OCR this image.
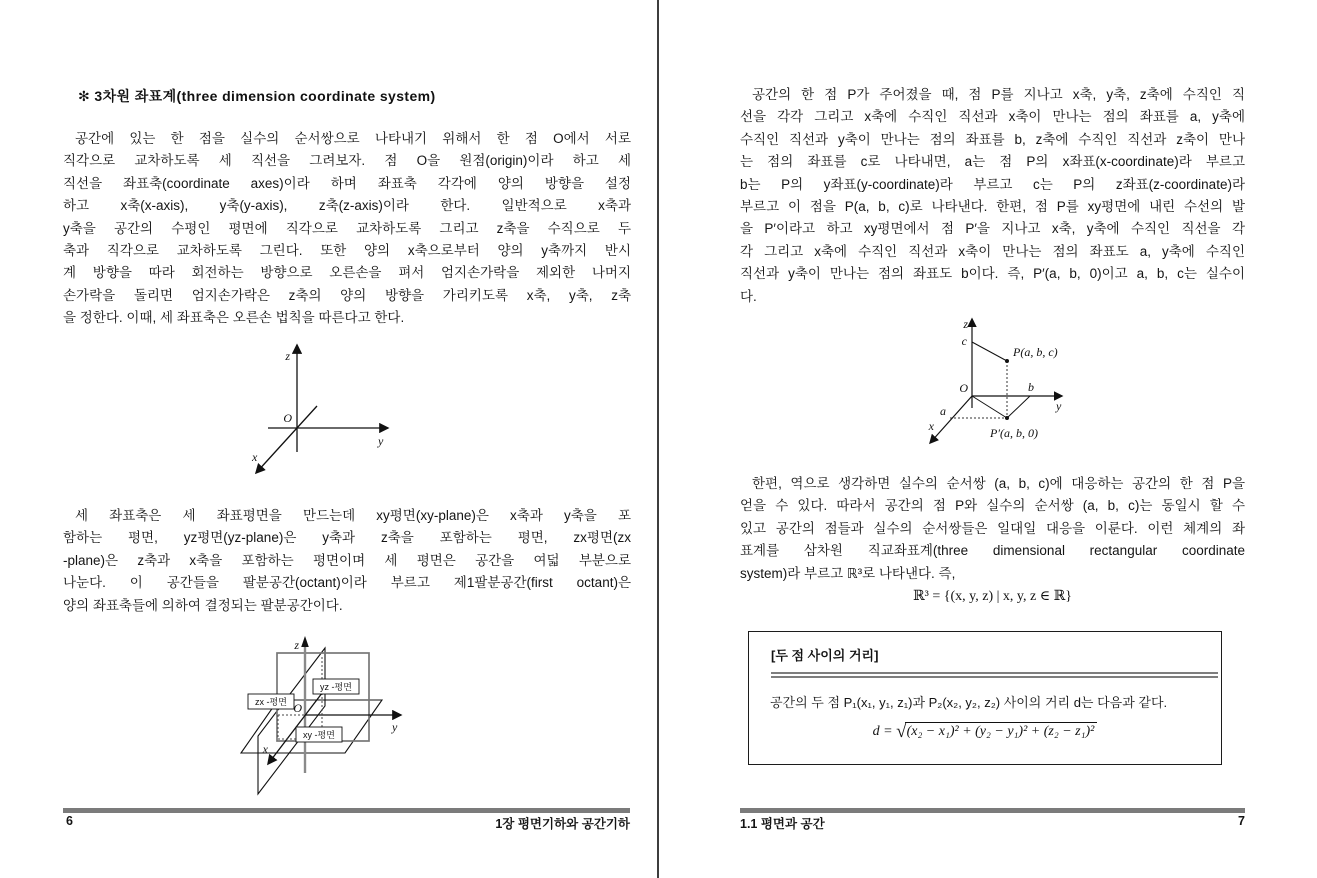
✻ 3차원 좌표계(three dimension coordinate system)
공간에 있는 한 점을 실수의 순서쌍으로 나타내기 위해서 한 점 O에서 서로
직각으로 교차하도록 세 직선을 그려보자. 점 O을 원점(origin)이라 하고 세
직선을 좌표축(coordinate axes)이라 하며 좌표축 각각에 양의 방향을 설정
하고 x축(x-axis), y축(y-axis), z축(z-axis)이라 한다. 일반적으로 x축과
y축을 공간의 수평인 평면에 직각으로 교차하도록 그리고 z축을 수직으로 두
축과 직각으로 교차하도록 그린다. 또한 양의 x축으로부터 양의 y축까지 반시
계 방향을 따라 회전하는 방향으로 오른손을 펴서 엄지손가락을 제외한 나머지
손가락을 돌리면 엄지손가락은 z축의 양의 방향을 가리키도록 x축, y축, z축
을 정한다. 이때, 세 좌표축은 오른손 법칙을 따른다고 한다.
z
y
x
O
세 좌표축은 세 좌표평면을 만드는데 xy평면(xy-plane)은 x축과 y축을 포
함하는 평면, yz평면(yz-plane)은 y축과 z축을 포함하는 평면, zx평면(zx
-plane)은 z축과 x축을 포함하는 평면이며 세 평면은 공간을 여덟 부분으로
나눈다. 이 공간들을 팔분공간(octant)이라 부르고 제1팔분공간(first octant)은
양의 좌표축들에 의하여 결정되는 팔분공간이다.
yz -평면
zx -평면
xy -평면
z
y
x
O
6	1장 평면기하와 공간기하
공간의 한 점 P가 주어졌을 때, 점 P를 지나고 x축, y축, z축에 수직인 직
선을 각각 그리고 x축에 수직인 직선과 x축이 만나는 점의 좌표를 a, y축에
수직인 직선과 y축이 만나는 점의 좌표를 b, z축에 수직인 직선과 z축이 만나
는 점의 좌표를 c로 나타내면, a는 점 P의 x좌표(x-coordinate)라 부르고
b는 P의 y좌표(y-coordinate)라 부르고 c는 P의 z좌표(z-coordinate)라
부르고 이 점을 P(a, b, c)로 나타낸다. 한편, 점 P를 xy평면에 내린 수선의 발
을 P′이라고 하고 xy평면에서 점 P′을 지나고 x축, y축에 수직인 직선을 각
각 그리고 x축에 수직인 직선과 x축이 만나는 점의 좌표도 a, y축에 수직인
직선과 y축이 만나는 점의 좌표도 b이다. 즉, P′(a, b, 0)이고 a, b, c는 실수이
다.
z
c
P(a, b, c)
O	b
y
a
x	P′(a, b, 0)
한편, 역으로 생각하면 실수의 순서쌍 (a, b, c)에 대응하는 공간의 한 점 P을
얻을 수 있다. 따라서 공간의 점 P와 실수의 순서쌍 (a, b, c)는 동일시 할 수
있고 공간의 점들과 실수의 순서쌍들은 일대일 대응을 이룬다. 이런 체계의 좌
표계를 삼차원 직교좌표계(three dimensional rectangular coordinate
system)라 부르고 ℝ³로 나타낸다. 즉,
ℝ³ = {(x, y, z) | x, y, z ∈ ℝ}
[두 점 사이의 거리]
공간의 두 점 P₁(x₁, y₁, z₁)과 P₂(x₂, y₂, z₂) 사이의 거리 d는 다음과 같다.
d = √(x₂ − x₁)² + (y₂ − y₁)² + (z₂ − z₁)²
1.1 평면과 공간	7
